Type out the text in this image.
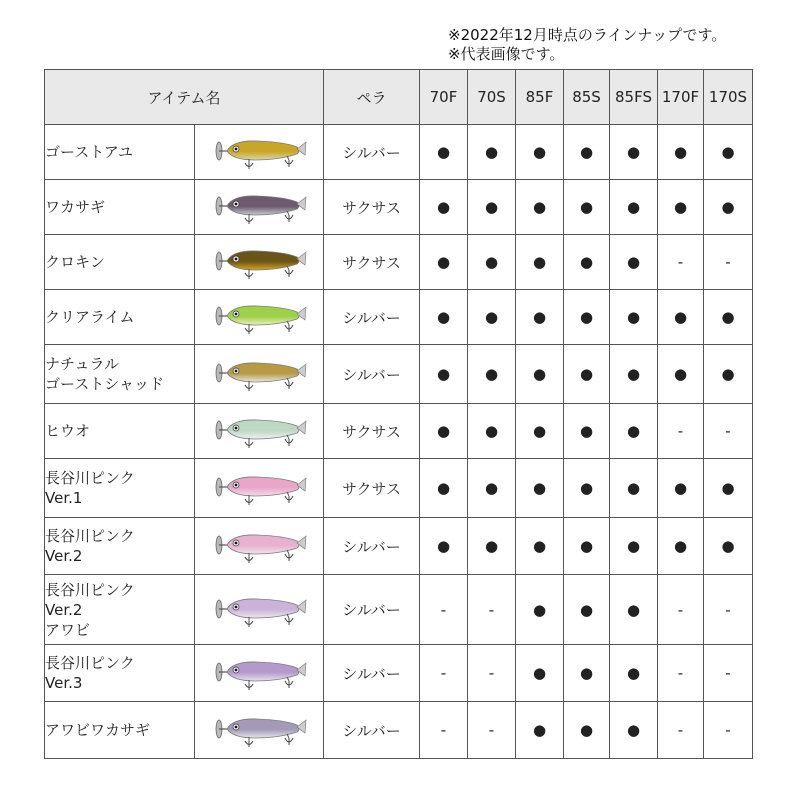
※2022年12月時点のラインナップです。
※代表画像です。
アイテム名		ペラ	70F	70S	85F	85S	85FS	170F	170S

ゴーストアユ		シルバー	●	●	●	●	●	●	●

ワカサギ		サクサス	●	●	●	●	●	●	●

クロキン		サクサス	●	●	●	●	●	-	-

クリアライム		シルバー	●	●	●	●	●	●	●

ナチュラル
ゴーストシャッド		シルバー	●	●	●	●	●	●	●

ヒウオ		サクサス	●	●	●	●	●	-	-

長谷川ピンク
Ver.1		サクサス	●	●	●	●	●	●	●

長谷川ピンク
Ver.2		シルバー	●	●	●	●	●	●	●

長谷川ピンク
Ver.2
アワビ		シルバー	-	-	●	●	●	-	-

長谷川ピンク
Ver.3		シルバー	-	-	●	●	●	-	-

アワビワカサギ		シルバー	-	-	●	●	●	-	-
